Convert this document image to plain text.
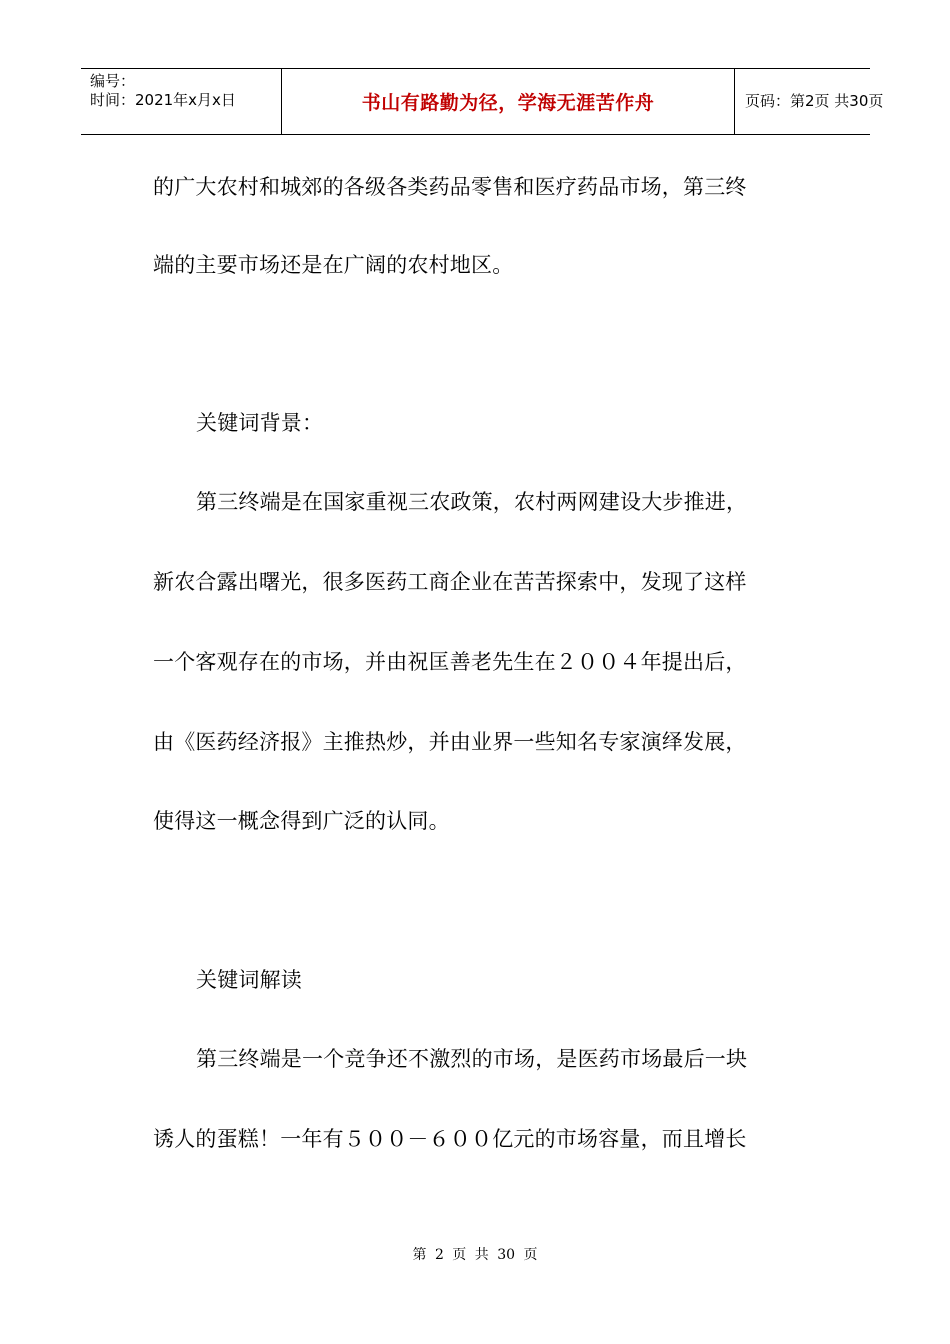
编号：
时间：2021年x月x日	书山有路勤为径，学海无涯苦作舟	页码：第2页 共30页

的广大农村和城郊的各级各类药品零售和医疗药品市场，第三终

端的主要市场还是在广阔的农村地区。

关键词背景：

第三终端是在国家重视三农政策，农村两网建设大步推进，

新农合露出曙光，很多医药工商企业在苦苦探索中，发现了这样

一个客观存在的市场，并由祝匡善老先生在２００４年提出后，

由《医药经济报》主推热炒，并由业界一些知名专家演绎发展，

使得这一概念得到广泛的认同。

关键词解读

第三终端是一个竞争还不激烈的市场，是医药市场最后一块

诱人的蛋糕！一年有５００－６００亿元的市场容量，而且增长

第 2 页 共 30 页
